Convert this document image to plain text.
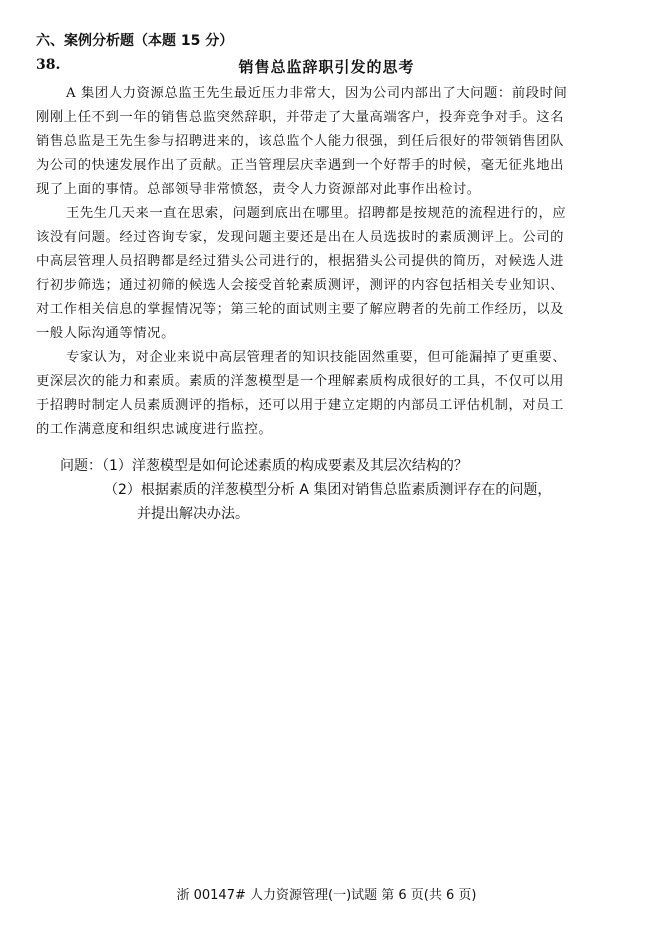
六、案例分析题（本题 15 分）
38.	销售总监辞职引发的思考
A 集团人力资源总监王先生最近压力非常大，因为公司内部出了大问题：前段时间
刚刚上任不到一年的销售总监突然辞职，并带走了大量高端客户，投奔竞争对手。这名
销售总监是王先生参与招聘进来的，该总监个人能力很强，到任后很好的带领销售团队
为公司的快速发展作出了贡献。正当管理层庆幸遇到一个好帮手的时候，毫无征兆地出
现了上面的事情。总部领导非常愤怒，责令人力资源部对此事作出检讨。
王先生几天来一直在思索，问题到底出在哪里。招聘都是按规范的流程进行的，应
该没有问题。经过咨询专家，发现问题主要还是出在人员选拔时的素质测评上。公司的
中高层管理人员招聘都是经过猎头公司进行的，根据猎头公司提供的简历，对候选人进
行初步筛选；通过初筛的候选人会接受首轮素质测评，测评的内容包括相关专业知识、
对工作相关信息的掌握情况等；第三轮的面试则主要了解应聘者的先前工作经历，以及
一般人际沟通等情况。
专家认为，对企业来说中高层管理者的知识技能固然重要，但可能漏掉了更重要、
更深层次的能力和素质。素质的洋葱模型是一个理解素质构成很好的工具，不仅可以用
于招聘时制定人员素质测评的指标，还可以用于建立定期的内部员工评估机制，对员工
的工作满意度和组织忠诚度进行监控。
问题：（1）洋葱模型是如何论述素质的构成要素及其层次结构的？
（2）根据素质的洋葱模型分析 A 集团对销售总监素质测评存在的问题，
并提出解决办法。
浙 00147# 人力资源管理(一)试题 第 6 页(共 6 页)
